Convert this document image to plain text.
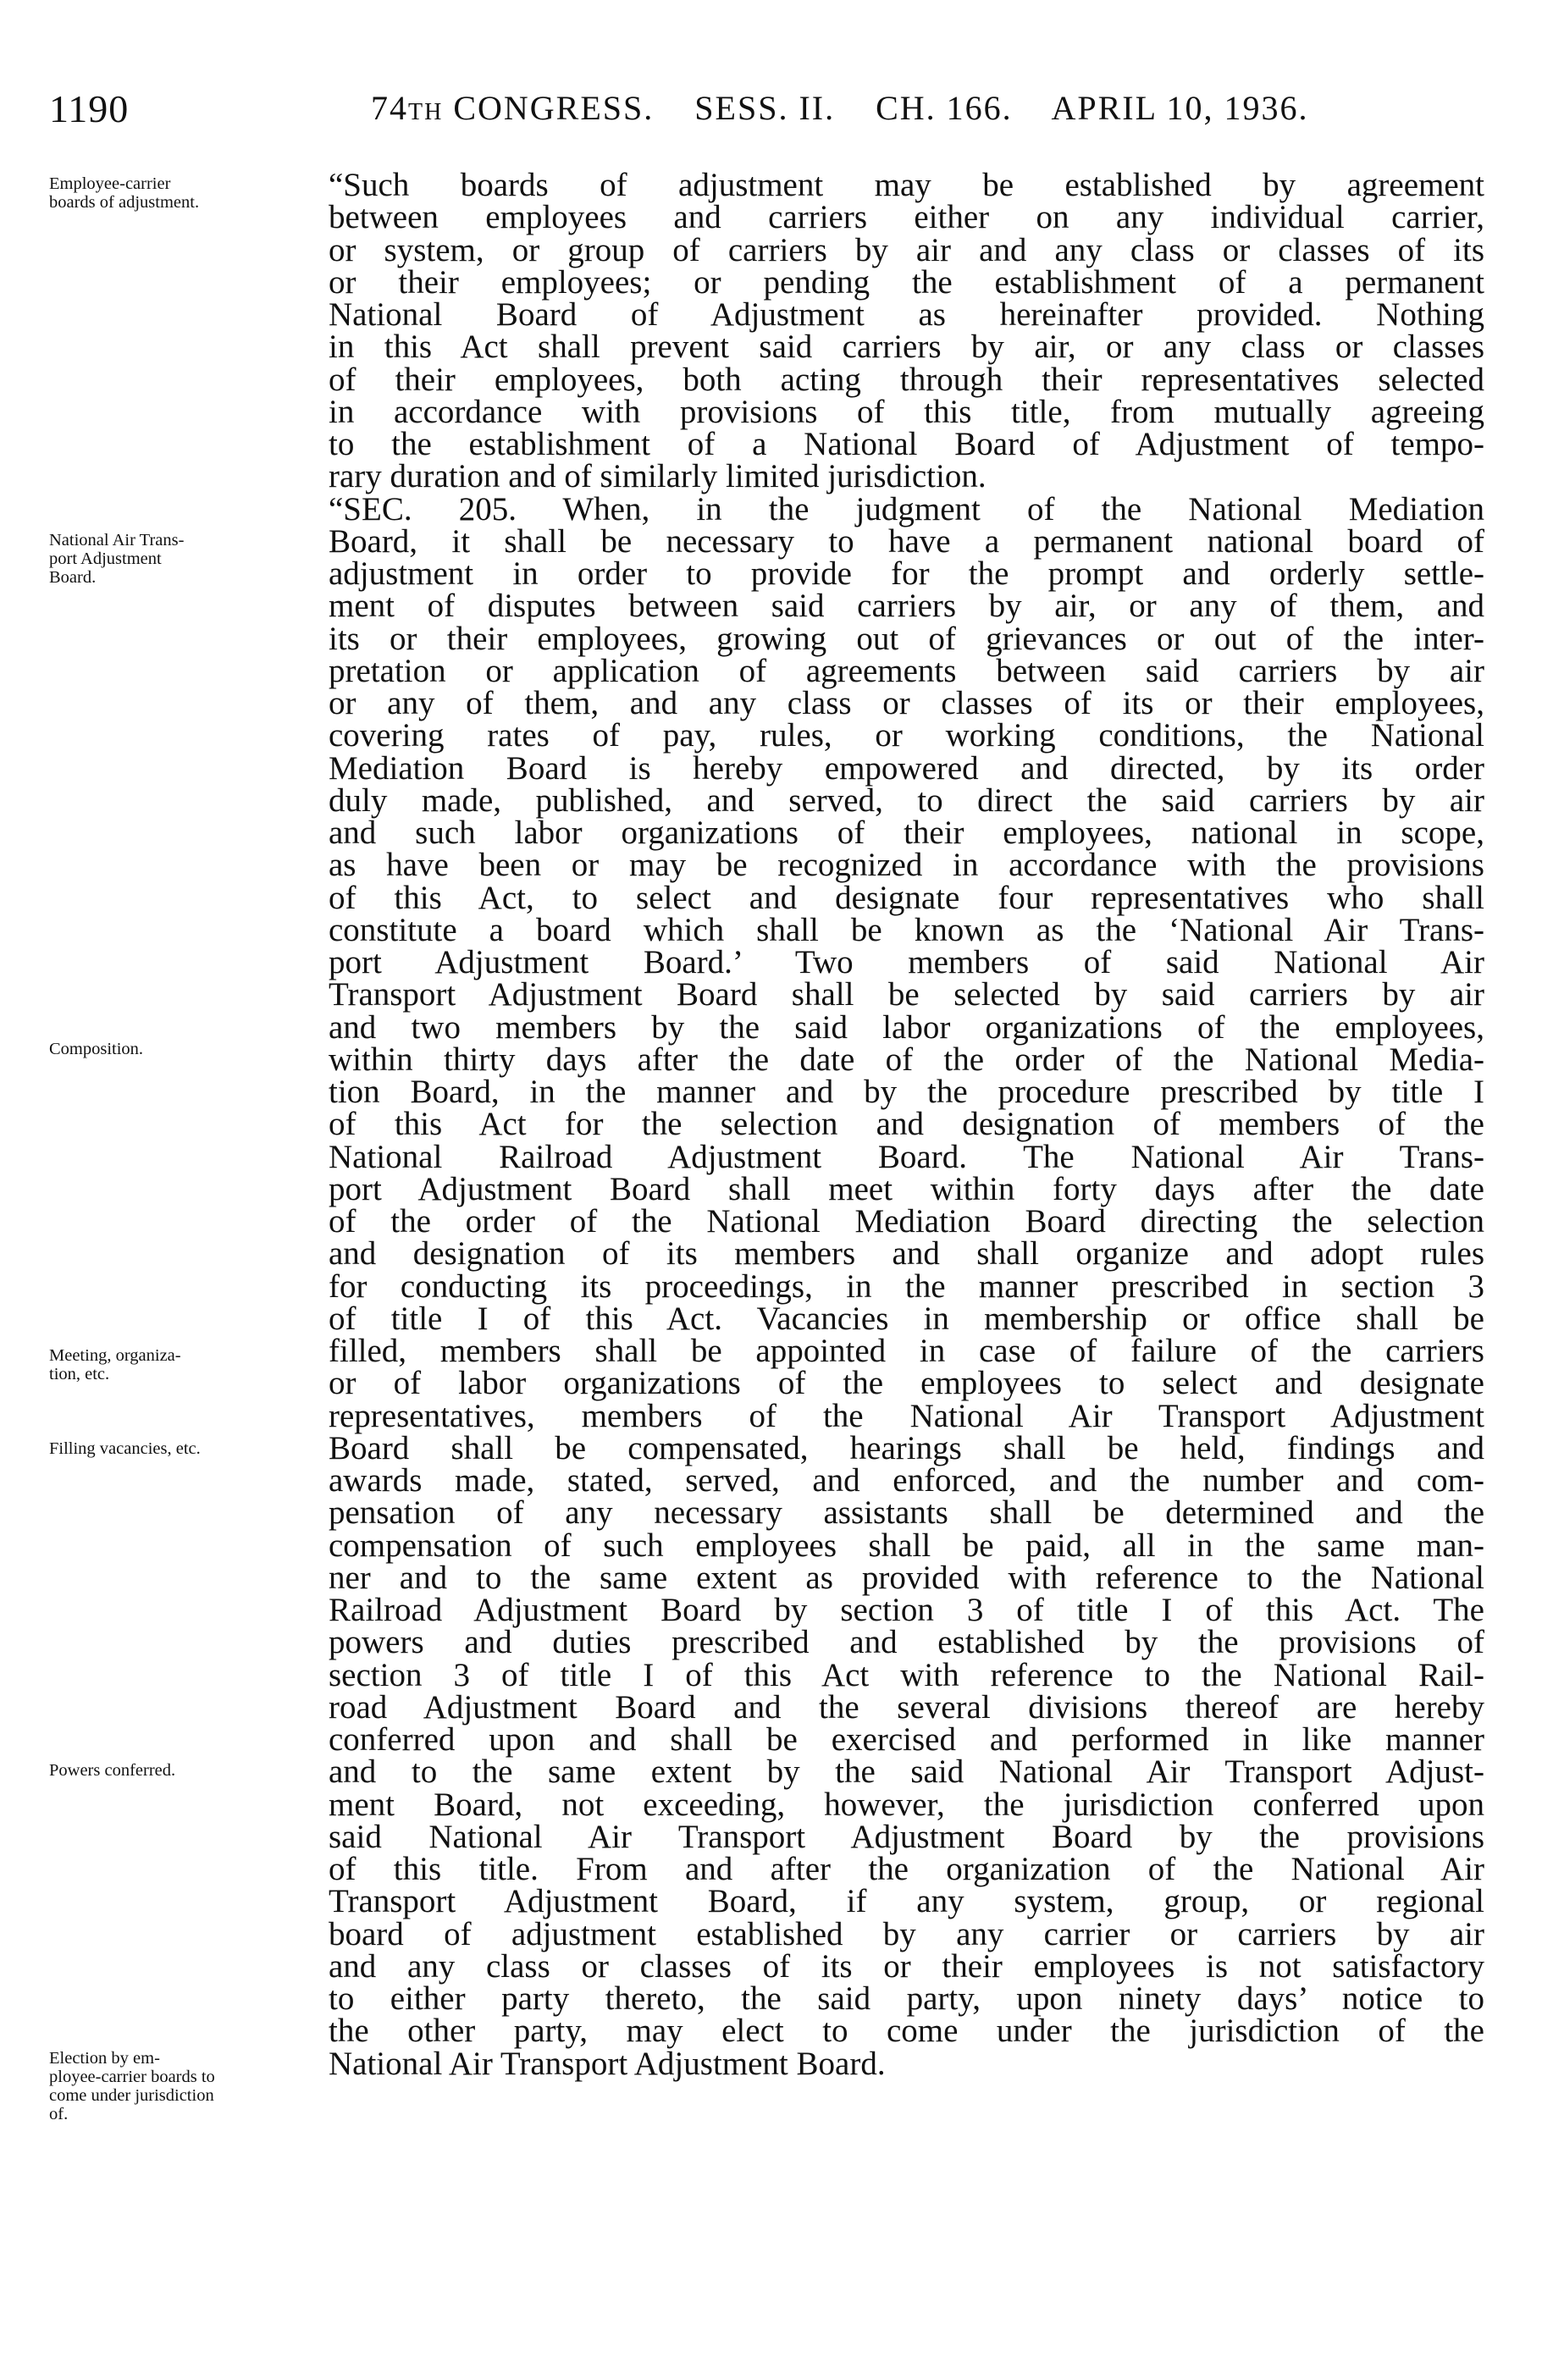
1190	74TH CONGRESS.    SESS. II.    CH. 166.    APRIL 10, 1936.
Employee-carrier
boards of adjustment.
National Air Trans-
port Adjustment
Board.
Composition.
Meeting, organiza-
tion, etc.
Filling vacancies, etc.
Powers conferred.
Election by em-
ployee-carrier boards to
come under jurisdiction
of.
“Such boards of adjustment may be established by agreement
between employees and carriers either on any individual carrier,
or system, or group of carriers by air and any class or classes of its
or their employees; or pending the establishment of a permanent
National Board of Adjustment as hereinafter provided. Nothing
in this Act shall prevent said carriers by air, or any class or classes
of their employees, both acting through their representatives selected
in accordance with provisions of this title, from mutually agreeing
to the establishment of a National Board of Adjustment of tempo-
rary duration and of similarly limited jurisdiction.
“SEC. 205. When, in the judgment of the National Mediation
Board, it shall be necessary to have a permanent national board of
adjustment in order to provide for the prompt and orderly settle-
ment of disputes between said carriers by air, or any of them, and
its or their employees, growing out of grievances or out of the inter-
pretation or application of agreements between said carriers by air
or any of them, and any class or classes of its or their employees,
covering rates of pay, rules, or working conditions, the National
Mediation Board is hereby empowered and directed, by its order
duly made, published, and served, to direct the said carriers by air
and such labor organizations of their employees, national in scope,
as have been or may be recognized in accordance with the provisions
of this Act, to select and designate four representatives who shall
constitute a board which shall be known as the ‘National Air Trans-
port Adjustment Board.’ Two members of said National Air
Transport Adjustment Board shall be selected by said carriers by air
and two members by the said labor organizations of the employees,
within thirty days after the date of the order of the National Media-
tion Board, in the manner and by the procedure prescribed by title I
of this Act for the selection and designation of members of the
National Railroad Adjustment Board. The National Air Trans-
port Adjustment Board shall meet within forty days after the date
of the order of the National Mediation Board directing the selection
and designation of its members and shall organize and adopt rules
for conducting its proceedings, in the manner prescribed in section 3
of title I of this Act. Vacancies in membership or office shall be
filled, members shall be appointed in case of failure of the carriers
or of labor organizations of the employees to select and designate
representatives, members of the National Air Transport Adjustment
Board shall be compensated, hearings shall be held, findings and
awards made, stated, served, and enforced, and the number and com-
pensation of any necessary assistants shall be determined and the
compensation of such employees shall be paid, all in the same man-
ner and to the same extent as provided with reference to the National
Railroad Adjustment Board by section 3 of title I of this Act. The
powers and duties prescribed and established by the provisions of
section 3 of title I of this Act with reference to the National Rail-
road Adjustment Board and the several divisions thereof are hereby
conferred upon and shall be exercised and performed in like manner
and to the same extent by the said National Air Transport Adjust-
ment Board, not exceeding, however, the jurisdiction conferred upon
said National Air Transport Adjustment Board by the provisions
of this title. From and after the organization of the National Air
Transport Adjustment Board, if any system, group, or regional
board of adjustment established by any carrier or carriers by air
and any class or classes of its or their employees is not satisfactory
to either party thereto, the said party, upon ninety days’ notice to
the other party, may elect to come under the jurisdiction of the
National Air Transport Adjustment Board.
